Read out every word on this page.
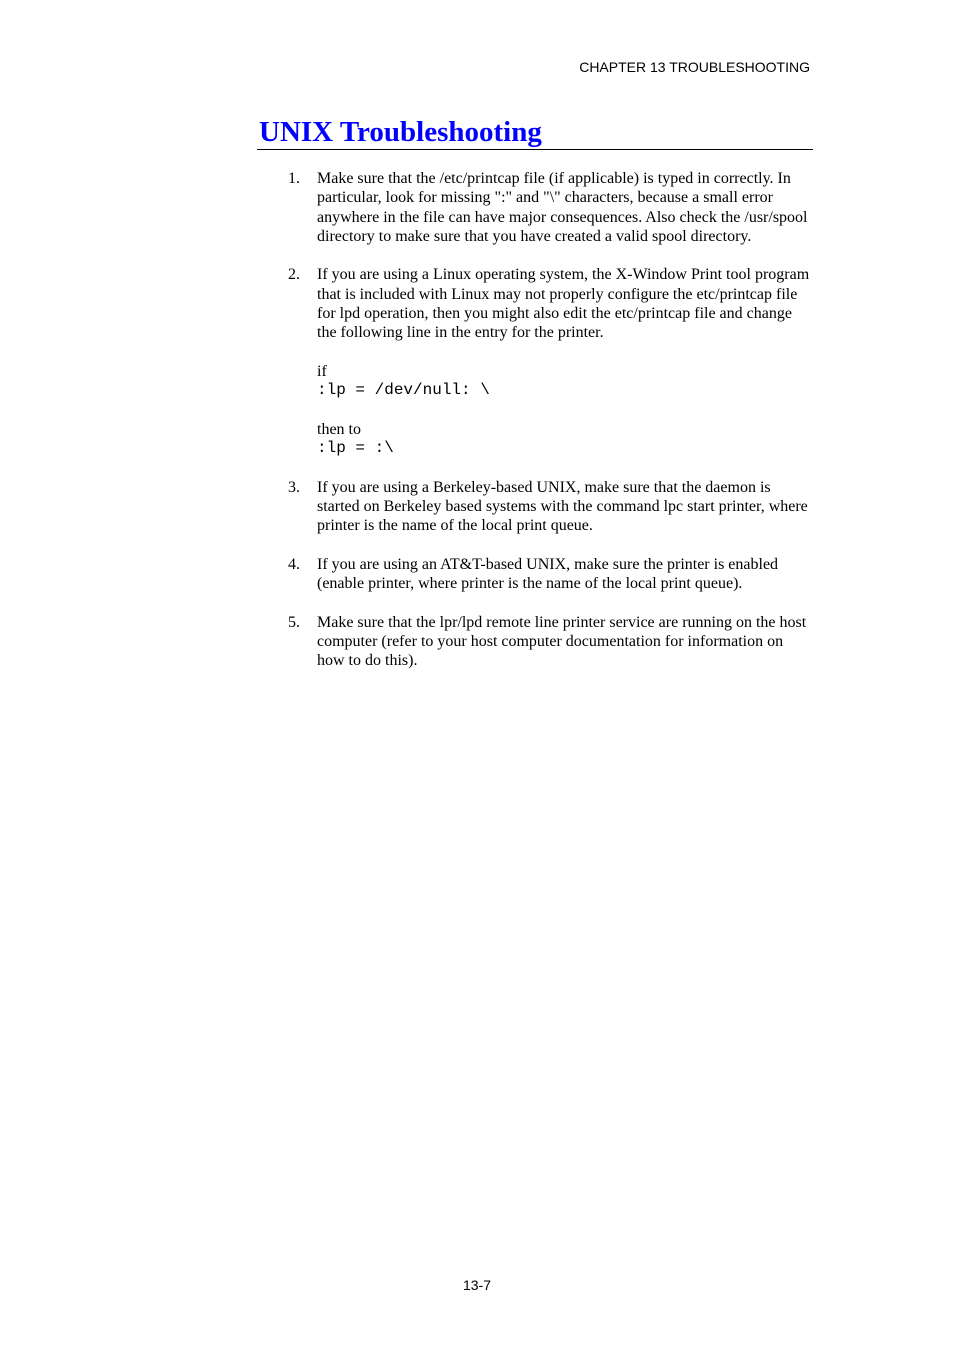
CHAPTER 13 TROUBLESHOOTING
UNIX Troubleshooting
1. Make sure that the /etc/printcap file (if applicable) is typed in correctly. In particular, look for missing ":" and "\" characters, because a small error anywhere in the file can have major consequences. Also check the /usr/spool directory to make sure that you have created a valid spool directory.
2. If you are using a Linux operating system, the X-Window Print tool program that is included with Linux may not properly configure the etc/printcap file for lpd operation, then you might also edit the etc/printcap file and change the following line in the entry for the printer.
if
:lp = /dev/null: \
then to
:lp = :\
3. If you are using a Berkeley-based UNIX, make sure that the daemon is started on Berkeley based systems with the command lpc start printer, where printer is the name of the local print queue.
4. If you are using an AT&T-based UNIX, make sure the printer is enabled (enable printer, where printer is the name of the local print queue).
5. Make sure that the lpr/lpd remote line printer service are running on the host computer (refer to your host computer documentation for information on how to do this).
13-7
